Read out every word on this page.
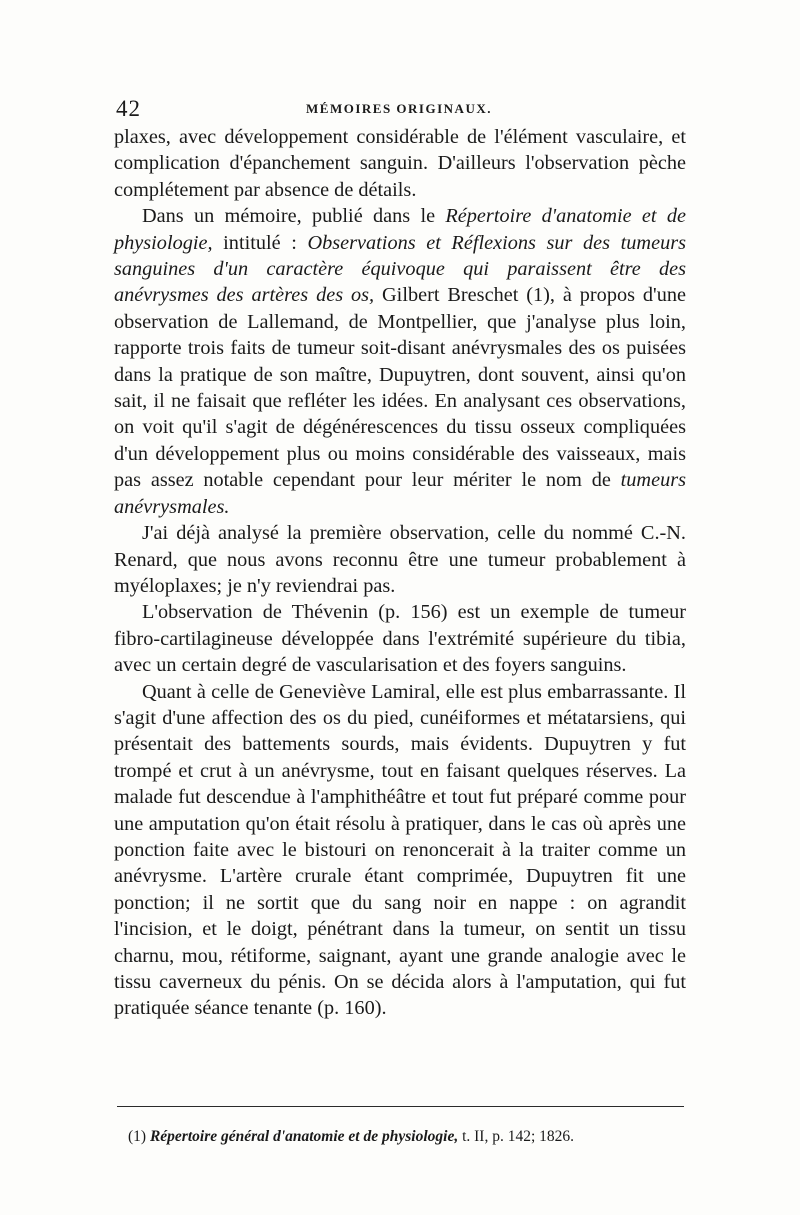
42	MÉMOIRES ORIGINAUX.

plaxes, avec développement considérable de l'élément vasculaire, et complication d'épanchement sanguin. D'ailleurs l'observation pèche complétement par absence de détails.

Dans un mémoire, publié dans le Répertoire d'anatomie et de physiologie, intitulé : Observations et Réflexions sur des tumeurs sanguines d'un caractère équivoque qui paraissent être des anévrysmes des artères des os, Gilbert Breschet (1), à propos d'une observation de Lallemand, de Montpellier, que j'analyse plus loin, rapporte trois faits de tumeur soit-disant anévrysmales des os puisées dans la pratique de son maître, Dupuytren, dont souvent, ainsi qu'on sait, il ne faisait que refléter les idées. En analysant ces observations, on voit qu'il s'agit de dégénérescences du tissu osseux compliquées d'un développement plus ou moins considérable des vaisseaux, mais pas assez notable cependant pour leur mériter le nom de tumeurs anévrysmales.

J'ai déjà analysé la première observation, celle du nommé C.-N. Renard, que nous avons reconnu être une tumeur probablement à myéloplaxes; je n'y reviendrai pas.

L'observation de Thévenin (p. 156) est un exemple de tumeur fibro-cartilagineuse développée dans l'extrémité supérieure du tibia, avec un certain degré de vascularisation et des foyers sanguins.

Quant à celle de Geneviève Lamiral, elle est plus embarrassante. Il s'agit d'une affection des os du pied, cunéiformes et métatarsiens, qui présentait des battements sourds, mais évidents. Dupuytren y fut trompé et crut à un anévrysme, tout en faisant quelques réserves. La malade fut descendue à l'amphithéâtre et tout fut préparé comme pour une amputation qu'on était résolu à pratiquer, dans le cas où après une ponction faite avec le bistouri on renoncerait à la traiter comme un anévrysme. L'artère crurale étant comprimée, Dupuytren fit une ponction; il ne sortit que du sang noir en nappe : on agrandit l'incision, et le doigt, pénétrant dans la tumeur, on sentit un tissu charnu, mou, rétiforme, saignant, ayant une grande analogie avec le tissu caverneux du pénis. On se décida alors à l'amputation, qui fut pratiquée séance tenante (p. 160).

(1) Répertoire général d'anatomie et de physiologie, t. II, p. 142; 1826.
